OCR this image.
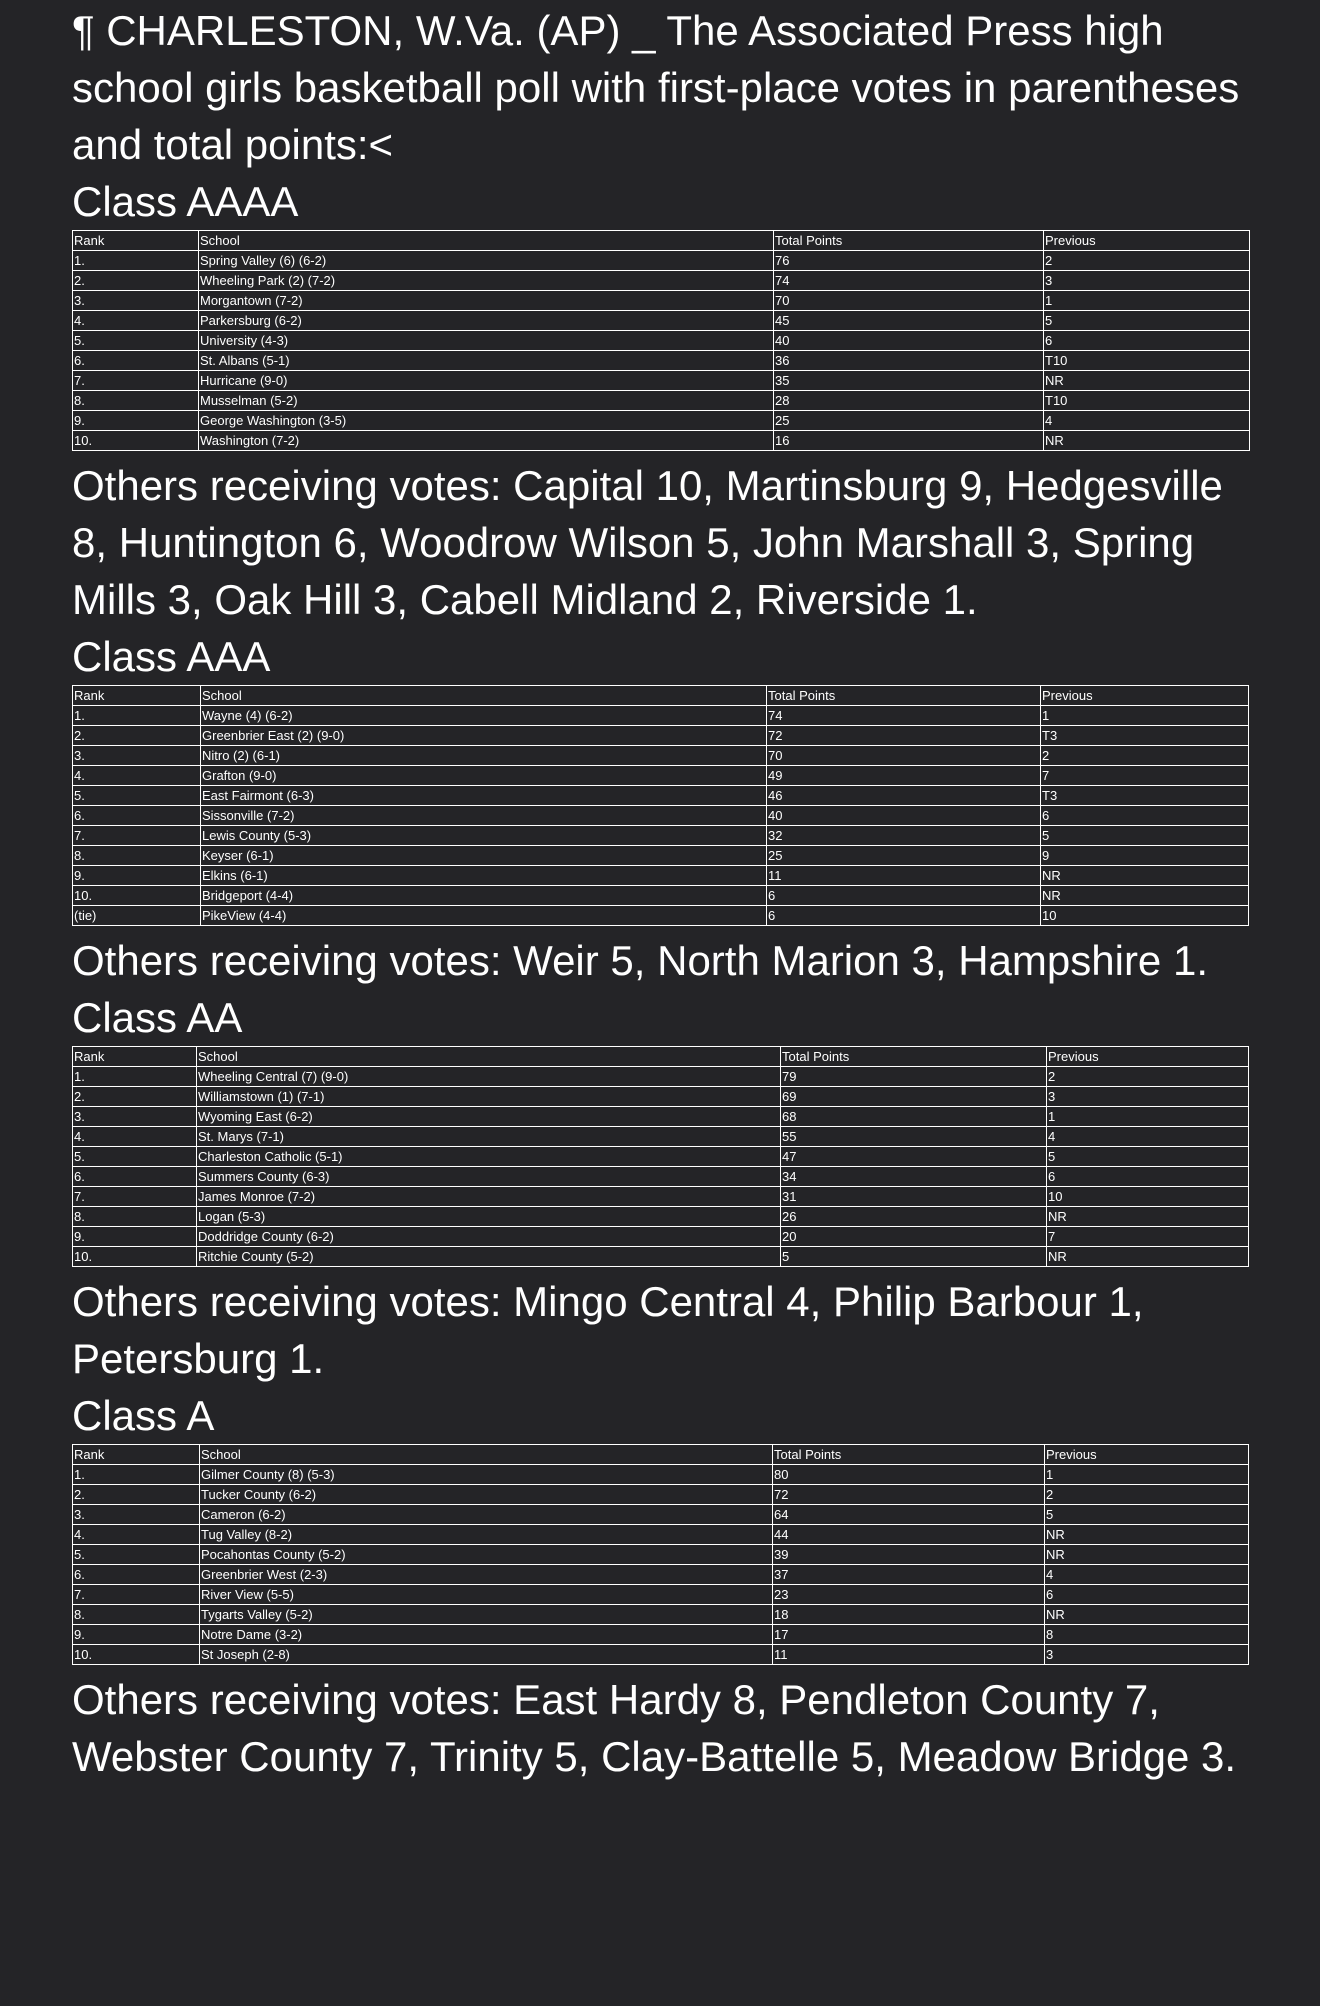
¶ CHARLESTON, W.Va. (AP) _ The Associated Press high school girls basketball poll with first-place votes in parentheses and total points:<

Class AAAA
Rank	School	Total Points	Previous
1.	Spring Valley (6) (6-2)	76	2
2.	Wheeling Park (2) (7-2)	74	3
3.	Morgantown (7-2)	70	1
4.	Parkersburg (6-2)	45	5
5.	University (4-3)	40	6
6.	St. Albans (5-1)	36	T10
7.	Hurricane (9-0)	35	NR
8.	Musselman (5-2)	28	T10
9.	George Washington (3-5)	25	4
10.	Washington (7-2)	16	NR

Others receiving votes: Capital 10, Martinsburg 9, Hedgesville 8, Huntington 6, Woodrow Wilson 5, John Marshall 3, Spring Mills 3, Oak Hill 3, Cabell Midland 2, Riverside 1.

Class AAA
Rank	School	Total Points	Previous
1.	Wayne (4) (6-2)	74	1
2.	Greenbrier East (2) (9-0)	72	T3
3.	Nitro (2) (6-1)	70	2
4.	Grafton (9-0)	49	7
5.	East Fairmont (6-3)	46	T3
6.	Sissonville (7-2)	40	6
7.	Lewis County (5-3)	32	5
8.	Keyser (6-1)	25	9
9.	Elkins (6-1)	11	NR
10.	Bridgeport (4-4)	6	NR
(tie)	PikeView (4-4)	6	10

Others receiving votes: Weir 5, North Marion 3, Hampshire 1.

Class AA
Rank	School	Total Points	Previous
1.	Wheeling Central (7) (9-0)	79	2
2.	Williamstown (1) (7-1)	69	3
3.	Wyoming East (6-2)	68	1
4.	St. Marys (7-1)	55	4
5.	Charleston Catholic (5-1)	47	5
6.	Summers County (6-3)	34	6
7.	James Monroe (7-2)	31	10
8.	Logan (5-3)	26	NR
9.	Doddridge County (6-2)	20	7
10.	Ritchie County (5-2)	5	NR

Others receiving votes: Mingo Central 4, Philip Barbour 1, Petersburg 1.

Class A
Rank	School	Total Points	Previous
1.	Gilmer County (8) (5-3)	80	1
2.	Tucker County (6-2)	72	2
3.	Cameron (6-2)	64	5
4.	Tug Valley (8-2)	44	NR
5.	Pocahontas County (5-2)	39	NR
6.	Greenbrier West (2-3)	37	4
7.	River View (5-5)	23	6
8.	Tygarts Valley (5-2)	18	NR
9.	Notre Dame (3-2)	17	8
10.	St Joseph (2-8)	11	3

Others receiving votes: East Hardy 8, Pendleton County 7, Webster County 7, Trinity 5, Clay-Battelle 5, Meadow Bridge 3.
